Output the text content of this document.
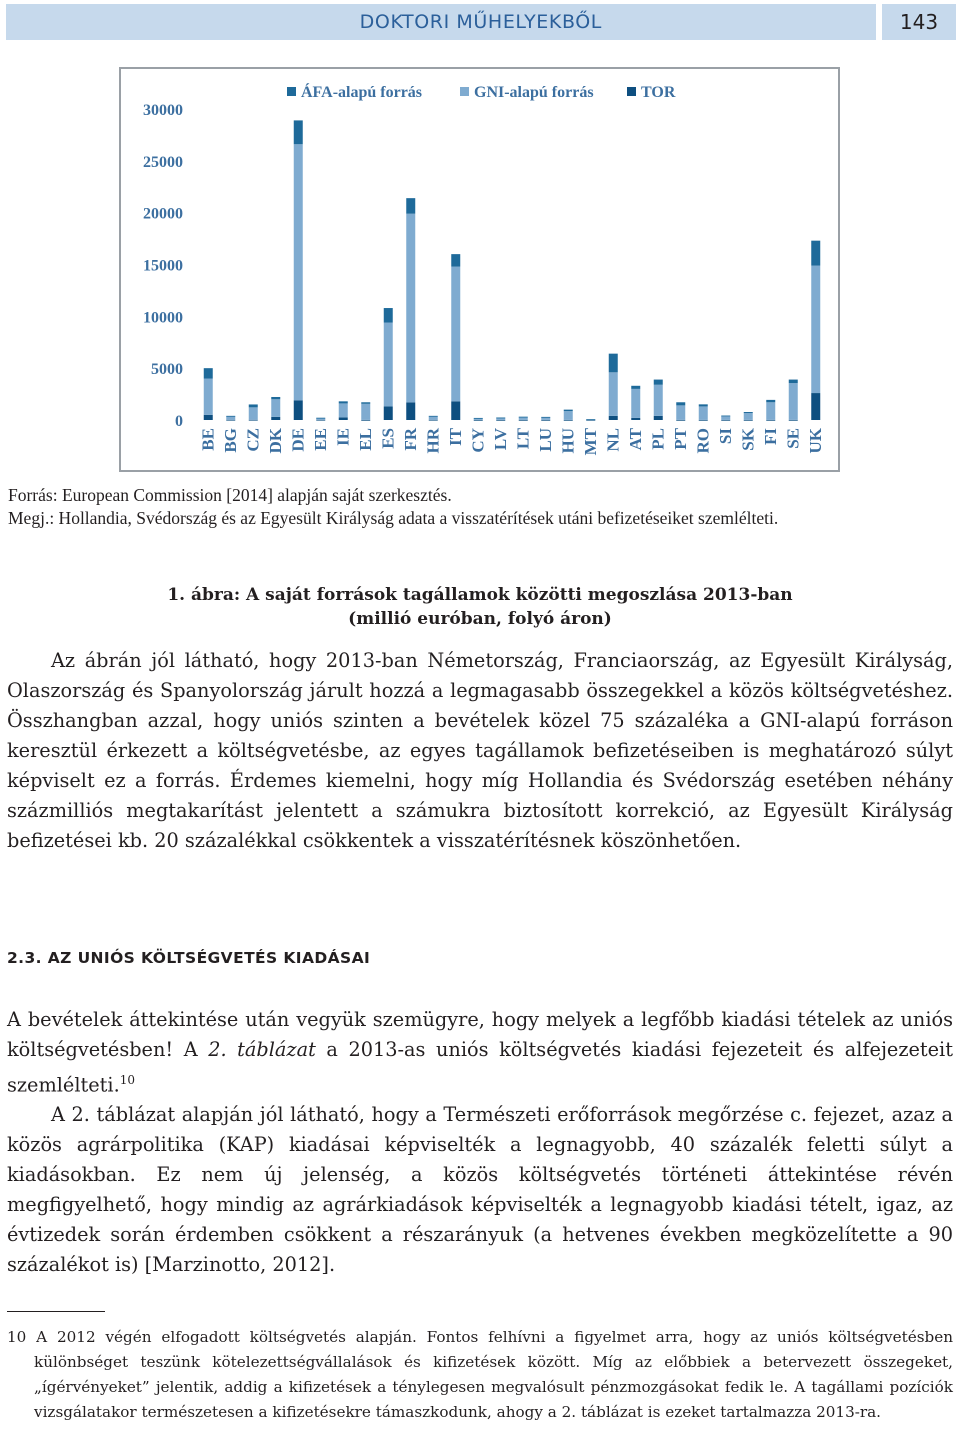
DOKTORI MŰHELYEKBŐL	143
0
5000
10000
15000
20000
25000
30000
BE BG CZ DK DE EE IE EL ES FR HR IT CY LV LT LU HU MT NL AT PL PT RO SI SK FI SE UK
ÁFA-alapú forrás	GNI-alapú forrás	TOR

Forrás: European Commission [2014] alapján saját szerkesztés.

Megj.: Hollandia, Svédország és az Egyesült Királyság adata a visszatérítések utáni befizetéseiket szemlélteti.

1. ábra: A saját források tagállamok közötti megoszlása 2013-ban
(millió euróban, folyó áron)

Az ábrán jól látható, hogy 2013-ban Németország, Franciaország, az Egyesült Királyság, Olaszország és Spanyolország járult hozzá a legmagasabb összegekkel a közös költségvetéshez. Összhangban azzal, hogy uniós szinten a bevételek közel 75 százaléka a GNI-alapú forráson keresztül érkezett a költségvetésbe, az egyes tagállamok befizetéseiben is meghatározó súlyt képviselt ez a forrás. Érdemes kiemelni, hogy míg Hollandia és Svédország esetében néhány százmilliós megtakarítást jelentett a számukra biztosított korrekció, az Egyesült Királyság befizetései kb. 20 százalékkal csökkentek a visszatérítésnek köszönhetően.

2.3. AZ UNIÓS KÖLTSÉGVETÉS KIADÁSAI

A bevételek áttekintése után vegyük szemügyre, hogy melyek a legfőbb kiadási tételek az uniós költségvetésben! A 2. táblázat a 2013-as uniós költségvetés kiadási fejezeteit és alfejezeteit szemlélteti.$^{10}$

A 2. táblázat alapján jól látható, hogy a Természeti erőforrások megőrzése c. fejezet, azaz a közös agrárpolitika (KAP) kiadásai képviselték a legnagyobb, 40 százalék feletti súlyt a kiadásokban. Ez nem új jelenség, a közös költségvetés történeti áttekintése révén megfigyelhető, hogy mindig az agrárkiadások képviselték a legnagyobb kiadási tételt, igaz, az évtizedek során érdemben csökkent a részarányuk (a hetvenes években megközelítette a 90 százalékot is) [Marzinotto, 2012].

10 A 2012 végén elfogadott költségvetés alapján. Fontos felhívni a figyelmet arra, hogy az uniós költségvetésben különbséget teszünk kötelezettségvállalások és kifizetések között. Míg az előbbiek a betervezett összegeket, „ígérvényeket” jelentik, addig a kifizetések a ténylegesen megvalósult pénzmozgásokat fedik le. A tagállami pozíciók vizsgálatakor természetesen a kifizetésekre támaszkodunk, ahogy a 2. táblázat is ezeket tartalmazza 2013-ra.
